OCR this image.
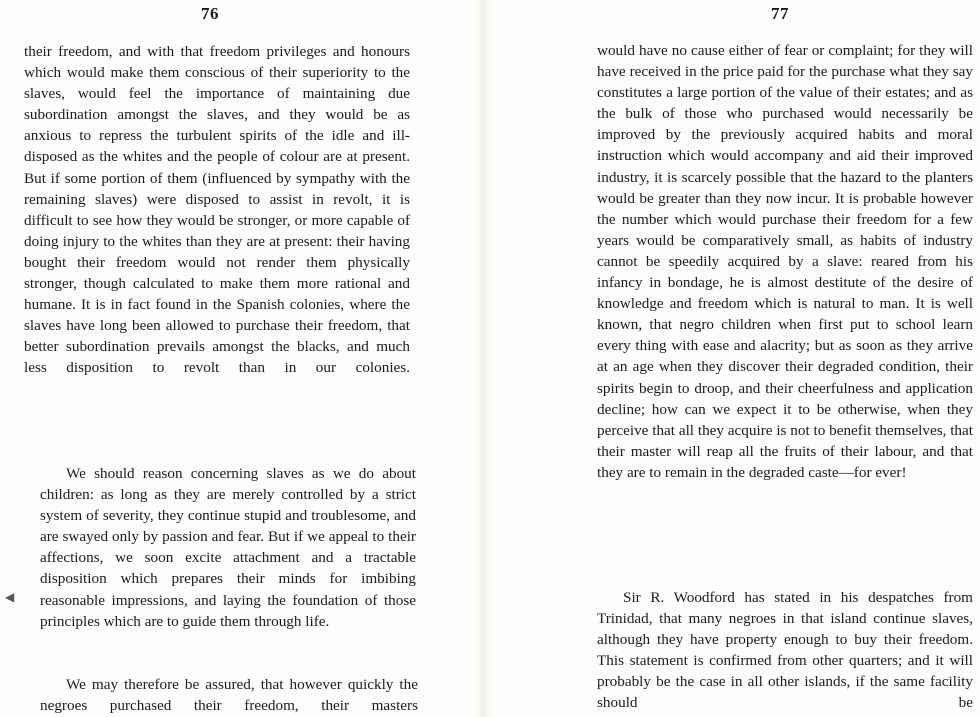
76

their freedom, and with that freedom privileges and honours which would make them conscious of their superiority to the slaves, would feel the importance of maintaining due subordination amongst the slaves, and they would be as anxious to repress the turbulent spirits of the idle and ill-disposed as the whites and the people of colour are at present. But if some portion of them (influenced by sympathy with the remaining slaves) were disposed to assist in revolt, it is difficult to see how they would be stronger, or more capable of doing injury to the whites than they are at present: their having bought their freedom would not render them physically stronger, though calculated to make them more rational and humane. It is in fact found in the Spanish colonies, where the slaves have long been allowed to purchase their freedom, that better subordination prevails amongst the blacks, and much less disposition to revolt than in our colonies.

We should reason concerning slaves as we do about children: as long as they are merely controlled by a strict system of severity, they continue stupid and troublesome, and are swayed only by passion and fear. But if we appeal to their affections, we soon excite attachment and a tractable disposition which prepares their minds for imbibing reasonable impressions, and laying the foundation of those principles which are to guide them through life.

We may therefore be assured, that however quickly the negroes purchased their freedom, their masters

◀
77

would have no cause either of fear or complaint; for they will have received in the price paid for the purchase what they say constitutes a large portion of the value of their estates; and as the bulk of those who purchased would necessarily be improved by the previously acquired habits and moral instruction which would accompany and aid their improved industry, it is scarcely possible that the hazard to the planters would be greater than they now incur. It is probable however the number which would purchase their freedom for a few years would be comparatively small, as habits of industry cannot be speedily acquired by a slave: reared from his infancy in bondage, he is almost destitute of the desire of knowledge and freedom which is natural to man. It is well known, that negro children when first put to school learn every thing with ease and alacrity; but as soon as they arrive at an age when they discover their degraded condition, their spirits begin to droop, and their cheerfulness and application decline; how can we expect it to be otherwise, when they perceive that all they acquire is not to benefit themselves, that their master will reap all the fruits of their labour, and that they are to remain in the degraded caste—for ever!

Sir R. Woodford has stated in his despatches from Trinidad, that many negroes in that island continue slaves, although they have property enough to buy their freedom. This statement is confirmed from other quarters; and it will probably be the case in all other islands, if the same facility should be
